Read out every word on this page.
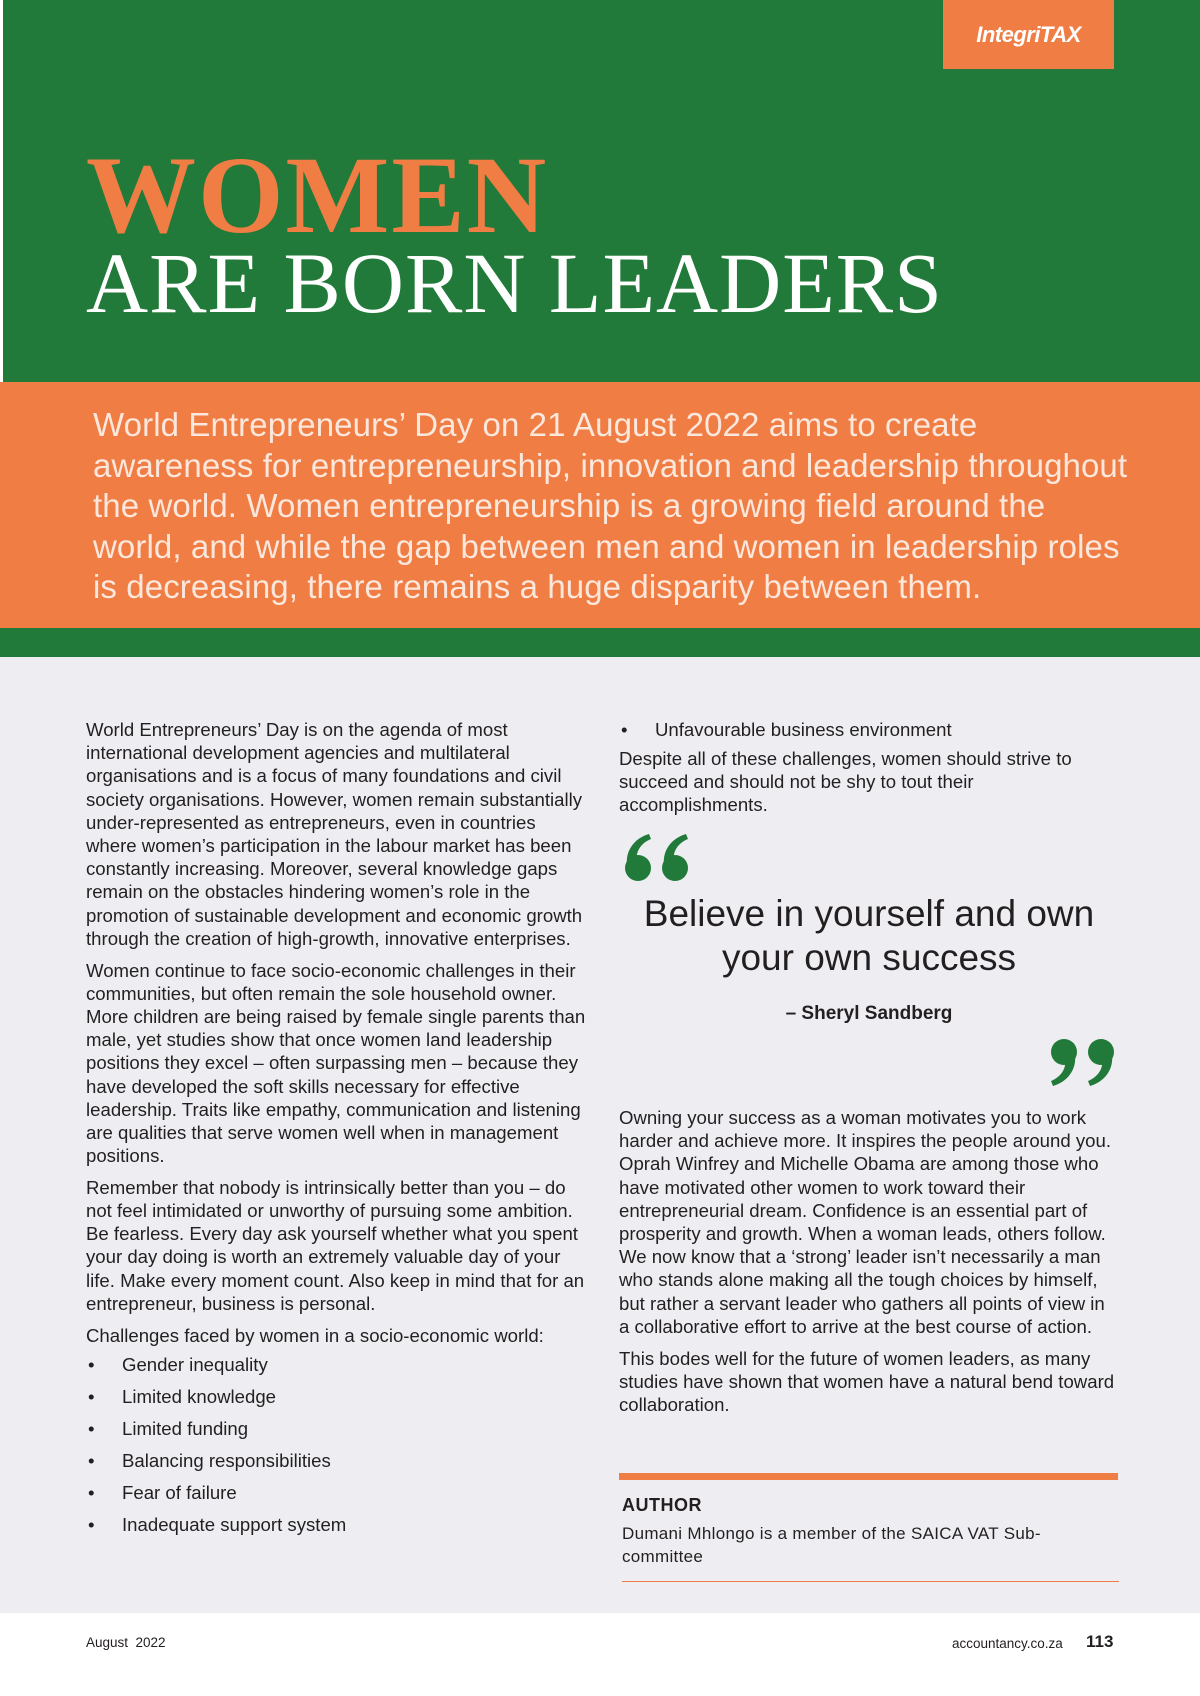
IntegriTAX
WOMEN
ARE BORN LEADERS
World Entrepreneurs’ Day on 21 August 2022 aims to create awareness for entrepreneurship, innovation and leadership throughout the world. Women entrepreneurship is a growing field around the world, and while the gap between men and women in leadership roles is decreasing, there remains a huge disparity between them.

World Entrepreneurs’ Day is on the agenda of most international development agencies and multilateral organisations and is a focus of many foundations and civil society organisations. However, women remain substantially under-represented as entrepreneurs, even in countries where women’s participation in the labour market has been constantly increasing. Moreover, several knowledge gaps remain on the obstacles hindering women’s role in the promotion of sustainable development and economic growth through the creation of high-growth, innovative enterprises.

Women continue to face socio-economic challenges in their communities, but often remain the sole household owner. More children are being raised by female single parents than male, yet studies show that once women land leadership positions they excel – often surpassing men – because they have developed the soft skills necessary for effective leadership. Traits like empathy, communication and listening are qualities that serve women well when in management positions.

Remember that nobody is intrinsically better than you – do not feel intimidated or unworthy of pursuing some ambition. Be fearless. Every day ask yourself whether what you spent your day doing is worth an extremely valuable day of your life. Make every moment count. Also keep in mind that for an entrepreneur, business is personal.

Challenges faced by women in a socio-economic world:

• Gender inequality
• Limited knowledge
• Limited funding
• Balancing responsibilities
• Fear of failure
• Inadequate support system
• Unfavourable business environment

Despite all of these challenges, women should strive to succeed and should not be shy to tout their accomplishments.

Believe in yourself and own your own success
– Sheryl Sandberg

Owning your success as a woman motivates you to work harder and achieve more. It inspires the people around you. Oprah Winfrey and Michelle Obama are among those who have motivated other women to work toward their entrepreneurial dream. Confidence is an essential part of prosperity and growth. When a woman leads, others follow. We now know that a ‘strong’ leader isn’t necessarily a man who stands alone making all the tough choices by himself, but rather a servant leader who gathers all points of view in a collaborative effort to arrive at the best course of action.

This bodes well for the future of women leaders, as many studies have shown that women have a natural bend toward collaboration.

AUTHOR
Dumani Mhlongo is a member of the SAICA VAT Sub-committee
August  2022	accountancy.co.za 113
